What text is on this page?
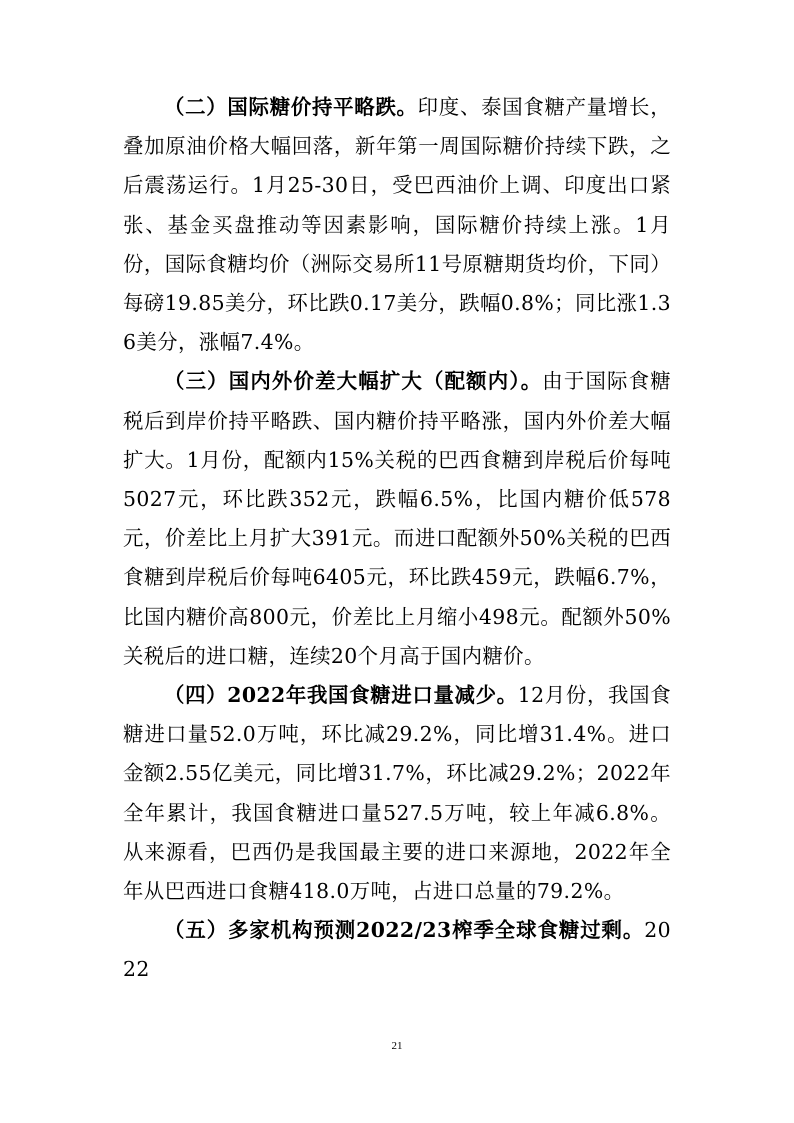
（二）国际糖价持平略跌。印度、泰国食糖产量增长，叠加原油价格大幅回落，新年第一周国际糖价持续下跌，之后震荡运行。1月25-30日，受巴西油价上调、印度出口紧张、基金买盘推动等因素影响，国际糖价持续上涨。1月份，国际食糖均价（洲际交易所11号原糖期货均价，下同）每磅19.85美分，环比跌0.17美分，跌幅0.8%；同比涨1.36美分，涨幅7.4%。

（三）国内外价差大幅扩大（配额内）。由于国际食糖税后到岸价持平略跌、国内糖价持平略涨，国内外价差大幅扩大。1月份，配额内15%关税的巴西食糖到岸税后价每吨5027元，环比跌352元，跌幅6.5%，比国内糖价低578元，价差比上月扩大391元。而进口配额外50%关税的巴西食糖到岸税后价每吨6405元，环比跌459元，跌幅6.7%，比国内糖价高800元，价差比上月缩小498元。配额外50%关税后的进口糖，连续20个月高于国内糖价。

（四）2022年我国食糖进口量减少。12月份，我国食糖进口量52.0万吨，环比减29.2%，同比增31.4%。进口金额2.55亿美元，同比增31.7%，环比减29.2%；2022年全年累计，我国食糖进口量527.5万吨，较上年减6.8%。从来源看，巴西仍是我国最主要的进口来源地，2022年全年从巴西进口食糖418.0万吨，占进口总量的79.2%。

（五）多家机构预测2022/23榨季全球食糖过剩。2022

21
